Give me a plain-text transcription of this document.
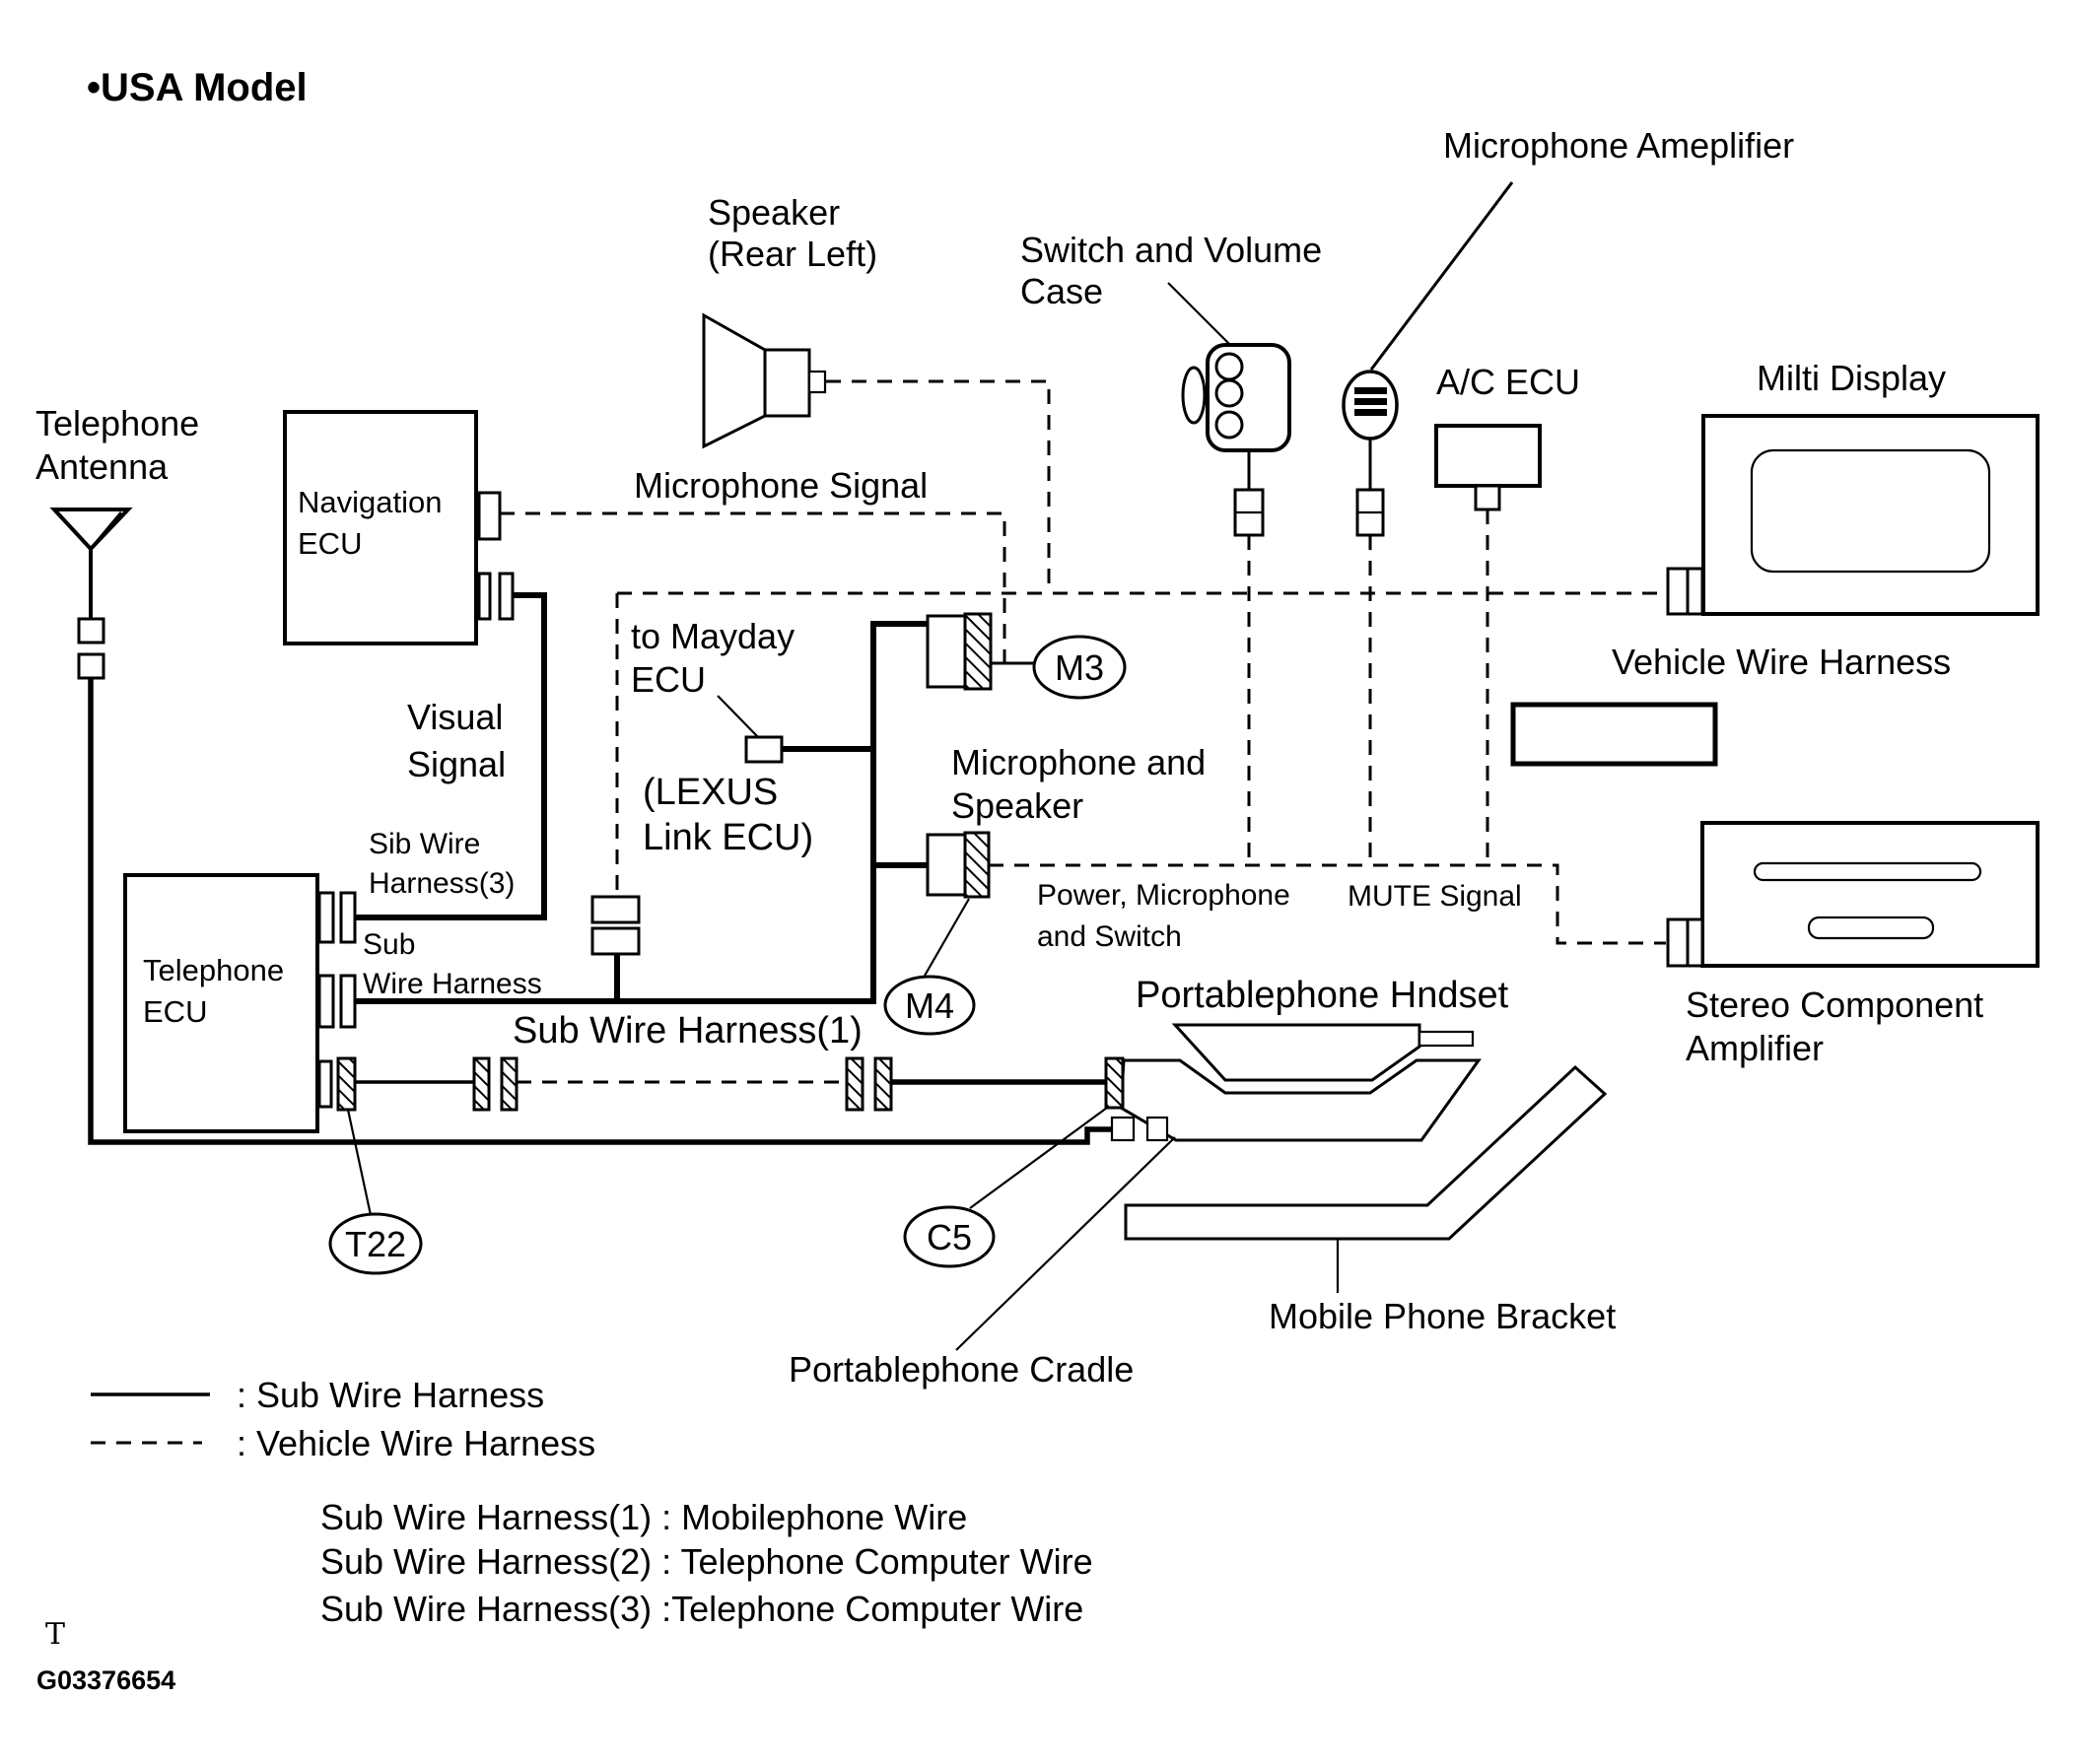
•USA Model
Telephone
Antenna
Navigation
ECU
Visual
Signal
Speaker
(Rear Left)
Microphone Signal
Switch and Volume
Case
Microphone Ameplifier
A/C ECU	Milti Display
Vehicle Wire Harness
to Mayday
ECU
(LEXUS
Link ECU)
Telephone
ECU
Sib Wire
Harness(3)
Sub
Wire Harness
Sub Wire Harness(1)
T22
M3
M4
Microphone and
Speaker
Power, Microphone
and Switch
MUTE Signal
Stereo Component
Amplifier
Portablephone Hndset
Mobile Phone Bracket
Portablephone Cradle
C5
: Sub Wire Harness
: Vehicle Wire Harness
Sub Wire Harness(1) : Mobilephone Wire
Sub Wire Harness(2) : Telephone Computer Wire
Sub Wire Harness(3) :Telephone Computer Wire
T
G03376654
